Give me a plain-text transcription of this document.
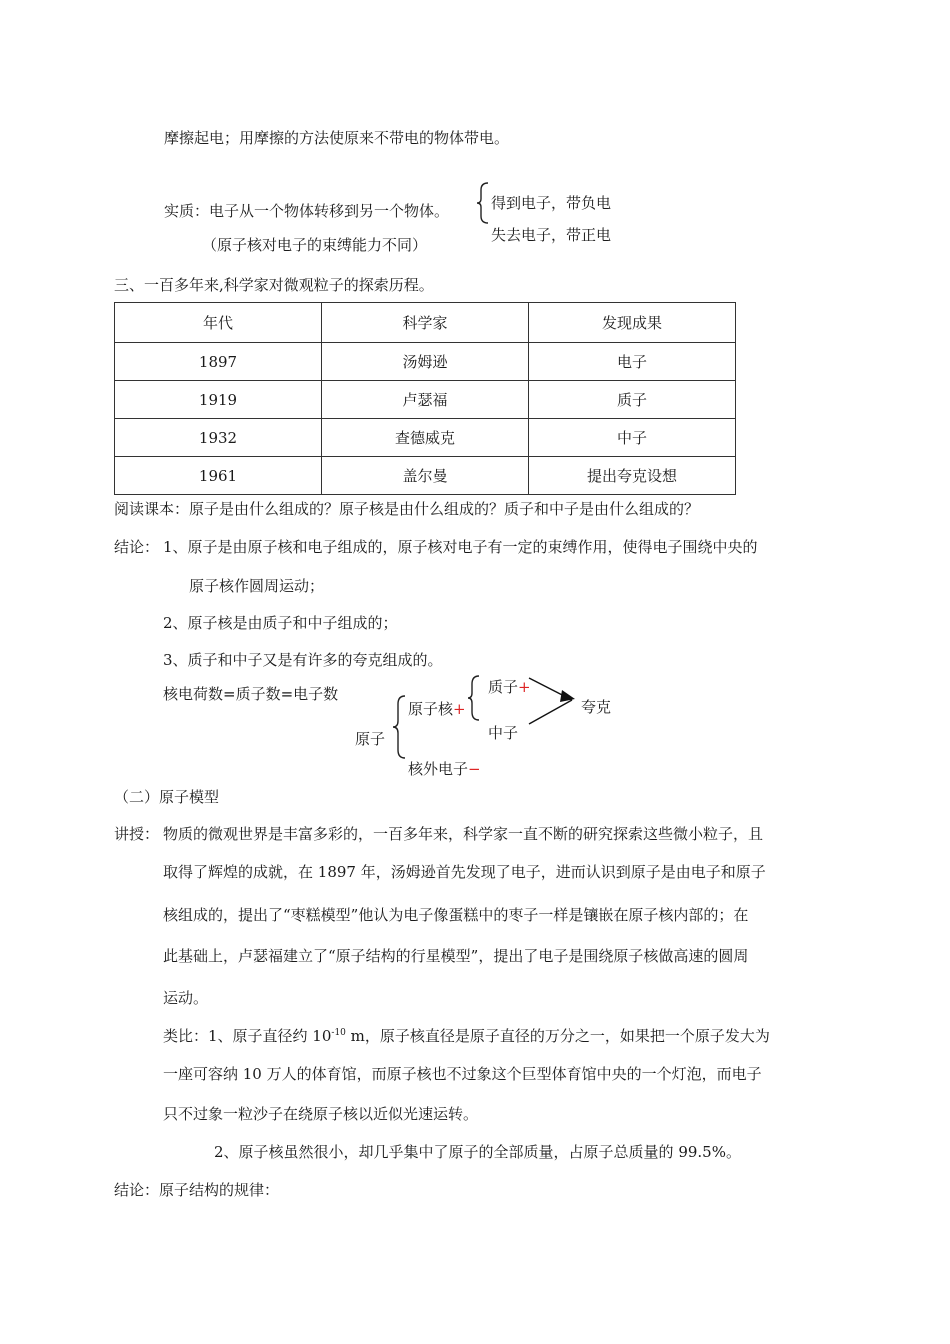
摩擦起电；用摩擦的方法使原来不带电的物体带电。
实质：电子从一个物体转移到另一个物体。	得到电子，带负电
失去电子，带正电
（原子核对电子的束缚能力不同）
三、一百多年来,科学家对微观粒子的探索历程。
年代	科学家	发现成果
1897	汤姆逊	电子
1919	卢瑟福	质子
1932	查德威克	中子
1961	盖尔曼	提出夸克设想
阅读课本：原子是由什么组成的？原子核是由什么组成的？质子和中子是由什么组成的？
结论： 1、原子是由原子核和电子组成的，原子核对电子有一定的束缚作用，使得电子围绕中央的
原子核作圆周运动；
2、原子核是由质子和中子组成的；
3、质子和中子又是有许多的夸克组成的。
核电荷数=质子数=电子数
原子
原子核+
质子+
中子
夸克
核外电子−
（二）原子模型
讲授： 物质的微观世界是丰富多彩的，一百多年来，科学家一直不断的研究探索这些微小粒子，且
取得了辉煌的成就，在 1897 年，汤姆逊首先发现了电子，进而认识到原子是由电子和原子
核组成的，提出了“枣糕模型”他认为电子像蛋糕中的枣子一样是镶嵌在原子核内部的；在
此基础上，卢瑟福建立了“原子结构的行星模型”，提出了电子是围绕原子核做高速的圆周
运动。
类比：1、原子直径约 $10^{-10}$ m，原子核直径是原子直径的万分之一，如果把一个原子发大为
一座可容纳 10 万人的体育馆，而原子核也不过象这个巨型体育馆中央的一个灯泡，而电子
只不过象一粒沙子在绕原子核以近似光速运转。
2、原子核虽然很小，却几乎集中了原子的全部质量，占原子总质量的 99.5%。
结论：原子结构的规律：
